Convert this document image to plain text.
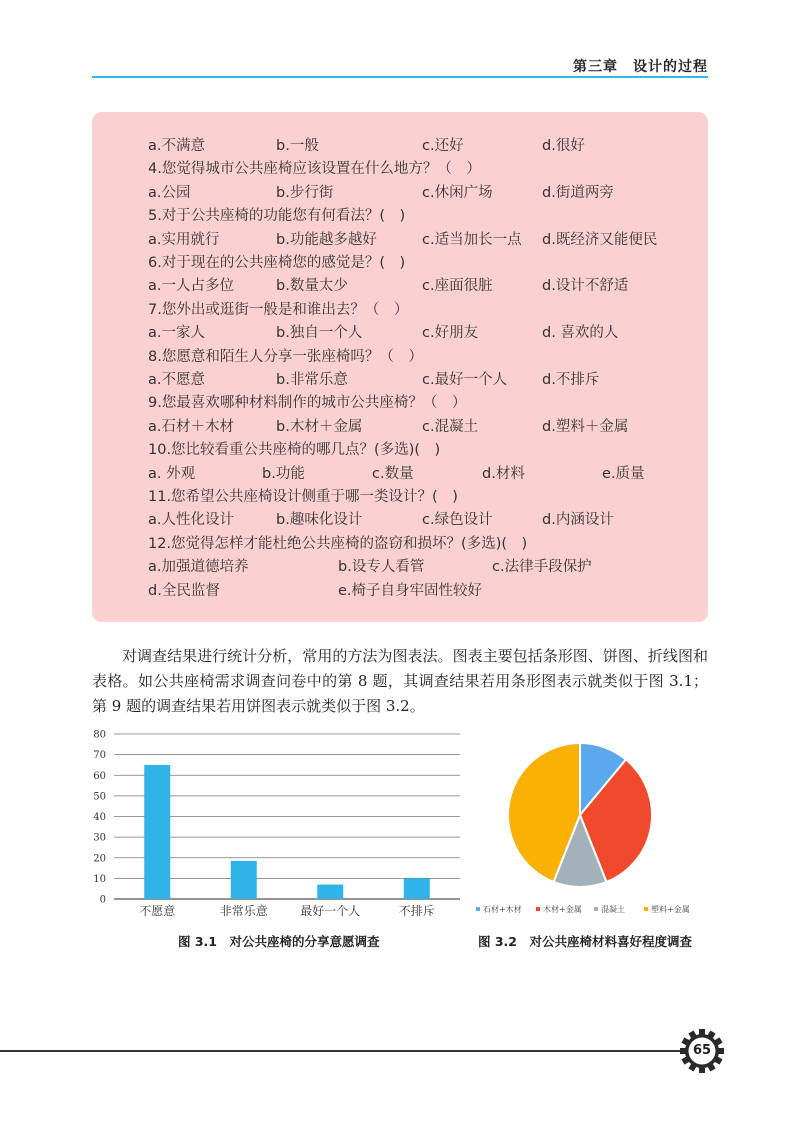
第三章　设计的过程
a.不满意	b.一般	c.还好	d.很好
4.您觉得城市公共座椅应该设置在什么地方？（　）
a.公园	b.步行街	c.休闲广场	d.街道两旁
5.对于公共座椅的功能您有何看法？(　)
a.实用就行	b.功能越多越好	c.适当加长一点 d.既经济又能便民
6.对于现在的公共座椅您的感觉是？(　)
a.一人占多位	b.数量太少	c.座面很脏	d.设计不舒适
7.您外出或逛街一般是和谁出去？（　）
a.一家人	b.独自一个人	c.好朋友	d. 喜欢的人
8.您愿意和陌生人分享一张座椅吗？（　）
a.不愿意	b.非常乐意	c.最好一个人 d.不排斥
9.您最喜欢哪种材料制作的城市公共座椅？（　）
a.石材＋木材	b.木材＋金属	c.混凝土	d.塑料＋金属
10.您比较看重公共座椅的哪几点？(多选)(　)
a. 外观	b.功能	c.数量	d.材料	e.质量
11.您希望公共座椅设计侧重于哪一类设计？(　)
a.人性化设计	b.趣味化设计	c.绿色设计	d.内涵设计
12.您觉得怎样才能杜绝公共座椅的盗窃和损坏？(多选)(　)
a.加强道德培养	b.设专人看管	c.法律手段保护
d.全民监督	e.椅子自身牢固性较好

对调查结果进行统计分析，常用的方法为图表法。图表主要包括条形图、饼图、折线图和表格。如公共座椅需求调查问卷中的第 8 题，其调查结果若用条形图表示就类似于图 3.1；第 9 题的调查结果若用饼图表示就类似于图 3.2。

0
10
20
30
40
50
60
70
80
不愿意	非常乐意	最好一个人	不排斥	石材+木材	木材+金属 混凝土	塑料+金属
图 3.1　对公共座椅的分享意愿调查	图 3.2　对公共座椅材料喜好程度调查
65
